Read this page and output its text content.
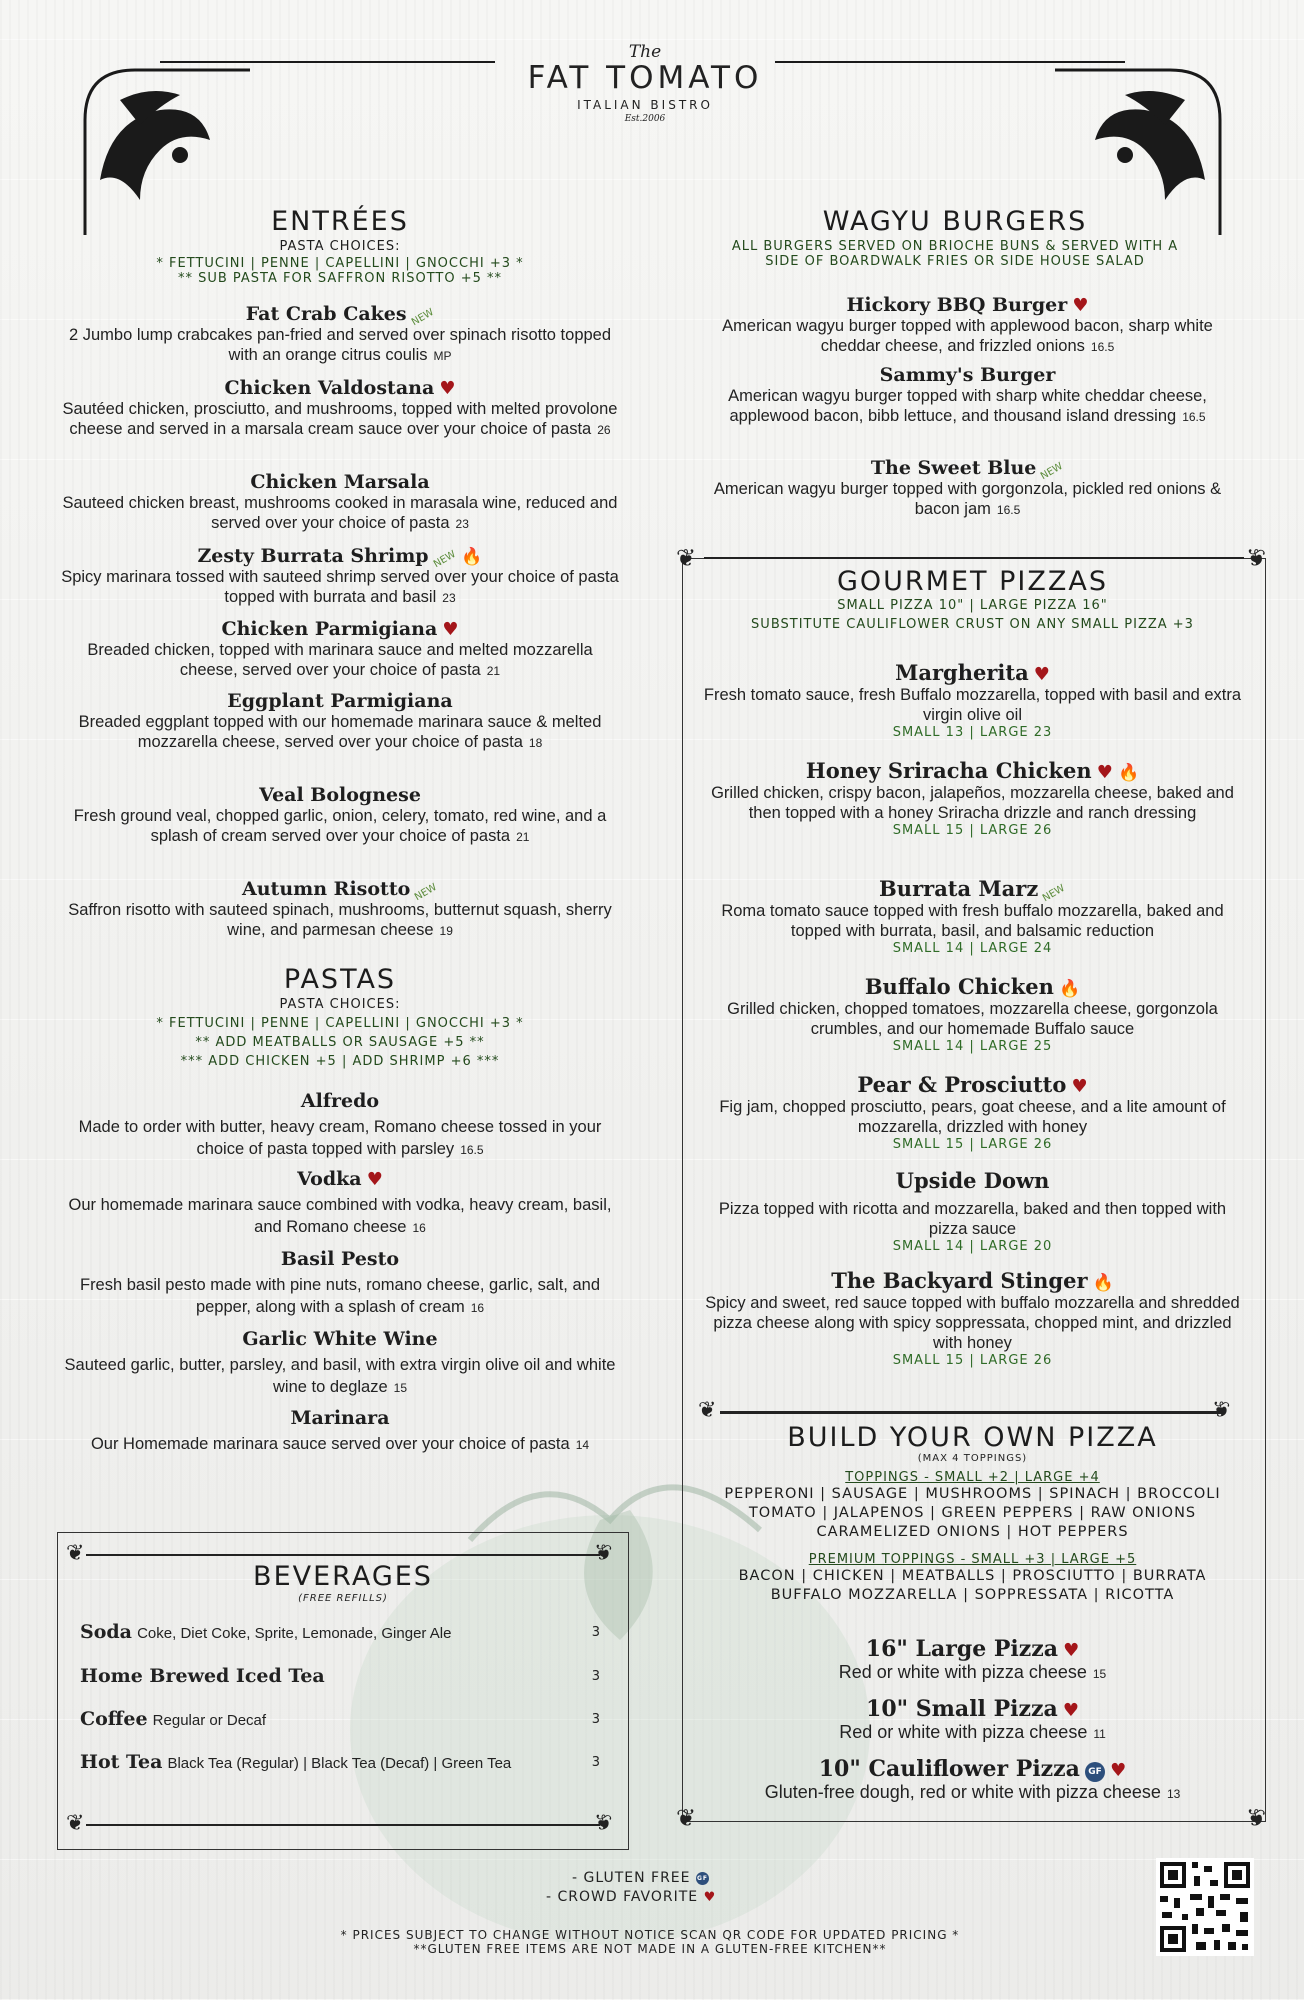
The
FAT TOMATO
ITALIAN BISTRO
Est.2006
ENTRÉES
PASTA CHOICES:
* FETTUCINI | PENNE | CAPELLINI | GNOCCHI +3 *
** SUB PASTA FOR SAFFRON RISOTTO +5 **
Fat Crab Cakes NEW
2 Jumbo lump crabcakes pan-fried and served over spinach risotto topped with an orange citrus coulis MP
Chicken Valdostana ♥
Sautéed chicken, prosciutto, and mushrooms, topped with melted provolone cheese and served in a marsala cream sauce over your choice of pasta 26
Chicken Marsala
Sauteed chicken breast, mushrooms cooked in marasala wine, reduced and served over your choice of pasta 23
Zesty Burrata Shrimp NEW 🔥
Spicy marinara tossed with sauteed shrimp served over your choice of pasta topped with burrata and basil 23
Chicken Parmigiana ♥
Breaded chicken, topped with marinara sauce and melted mozzarella cheese, served over your choice of pasta 21
Eggplant Parmigiana
Breaded eggplant topped with our homemade marinara sauce & melted mozzarella cheese, served over your choice of pasta 18
Veal Bolognese
Fresh ground veal, chopped garlic, onion, celery, tomato, red wine, and a splash of cream served over your choice of pasta 21
Autumn Risotto NEW
Saffron risotto with sauteed spinach, mushrooms, butternut squash, sherry wine, and parmesan cheese 19
PASTAS
PASTA CHOICES:
* FETTUCINI | PENNE | CAPELLINI | GNOCCHI +3 *
** ADD MEATBALLS OR SAUSAGE +5 **
*** ADD CHICKEN +5 | ADD SHRIMP +6 ***
Alfredo
Made to order with butter, heavy cream, Romano cheese tossed in your choice of pasta topped with parsley 16.5
Vodka ♥
Our homemade marinara sauce combined with vodka, heavy cream, basil, and Romano cheese 16
Basil Pesto
Fresh basil pesto made with pine nuts, romano cheese, garlic, salt, and pepper, along with a splash of cream 16
Garlic White Wine
Sauteed garlic, butter, parsley, and basil, with extra virgin olive oil and white wine to deglaze 15
Marinara
Our Homemade marinara sauce served over your choice of pasta 14
❦	❦
❦	❦
BEVERAGES
(FREE REFILLS)
Soda Coke, Diet Coke, Sprite, Lemonade, Ginger Ale	3
Home Brewed Iced Tea	3
Coffee Regular or Decaf	3
Hot Tea Black Tea (Regular) | Black Tea (Decaf) | Green Tea	3
WAGYU BURGERS
ALL BURGERS SERVED ON BRIOCHE BUNS & SERVED WITH A
SIDE OF BOARDWALK FRIES OR SIDE HOUSE SALAD
Hickory BBQ Burger ♥
American wagyu burger topped with applewood bacon, sharp white cheddar cheese, and frizzled onions 16.5
Sammy's Burger
American wagyu burger topped with sharp white cheddar cheese, applewood bacon, bibb lettuce, and thousand island dressing 16.5
The Sweet Blue NEW
American wagyu burger topped with gorgonzola, pickled red onions & bacon jam 16.5
❦	❦
❦	❦
GOURMET PIZZAS
SMALL PIZZA 10" | LARGE PIZZA 16"
SUBSTITUTE CAULIFLOWER CRUST ON ANY SMALL PIZZA +3
Margherita ♥
Fresh tomato sauce, fresh Buffalo mozzarella, topped with basil and extra virgin olive oil
SMALL 13 | LARGE 23
Honey Sriracha Chicken ♥ 🔥
Grilled chicken, crispy bacon, jalapeños, mozzarella cheese, baked and then topped with a honey Sriracha drizzle and ranch dressing
SMALL 15 | LARGE 26
Burrata Marz NEW
Roma tomato sauce topped with fresh buffalo mozzarella, baked and topped with burrata, basil, and balsamic reduction
SMALL 14 | LARGE 24
Buffalo Chicken 🔥
Grilled chicken, chopped tomatoes, mozzarella cheese, gorgonzola crumbles, and our homemade Buffalo sauce
SMALL 14 | LARGE 25
Pear & Prosciutto ♥
Fig jam, chopped prosciutto, pears, goat cheese, and a lite amount of mozzarella, drizzled with honey
SMALL 15 | LARGE 26
Upside Down
Pizza topped with ricotta and mozzarella, baked and then topped with pizza sauce
SMALL 14 | LARGE 20
The Backyard Stinger 🔥
Spicy and sweet, red sauce topped with buffalo mozzarella and shredded pizza cheese along with spicy soppressata, chopped mint, and drizzled with honey
SMALL 15 | LARGE 26
❦	❦
BUILD YOUR OWN PIZZA
(MAX 4 TOPPINGS)
TOPPINGS - SMALL +2 | LARGE +4
PEPPERONI | SAUSAGE | MUSHROOMS | SPINACH | BROCCOLI
TOMATO | JALAPENOS | GREEN PEPPERS | RAW ONIONS
CARAMELIZED ONIONS | HOT PEPPERS
PREMIUM TOPPINGS - SMALL +3 | LARGE +5
BACON | CHICKEN | MEATBALLS | PROSCIUTTO | BURRATA
BUFFALO MOZZARELLA | SOPPRESSATA | RICOTTA
16" Large Pizza ♥
Red or white with pizza cheese 15
10" Small Pizza ♥
Red or white with pizza cheese 11
10" Cauliflower Pizza GF ♥
Gluten-free dough, red or white with pizza cheese 13
- GLUTEN FREE GF
- CROWD FAVORITE ♥
* PRICES SUBJECT TO CHANGE WITHOUT NOTICE SCAN QR CODE FOR UPDATED PRICING *
**GLUTEN FREE ITEMS ARE NOT MADE IN A GLUTEN-FREE KITCHEN**
